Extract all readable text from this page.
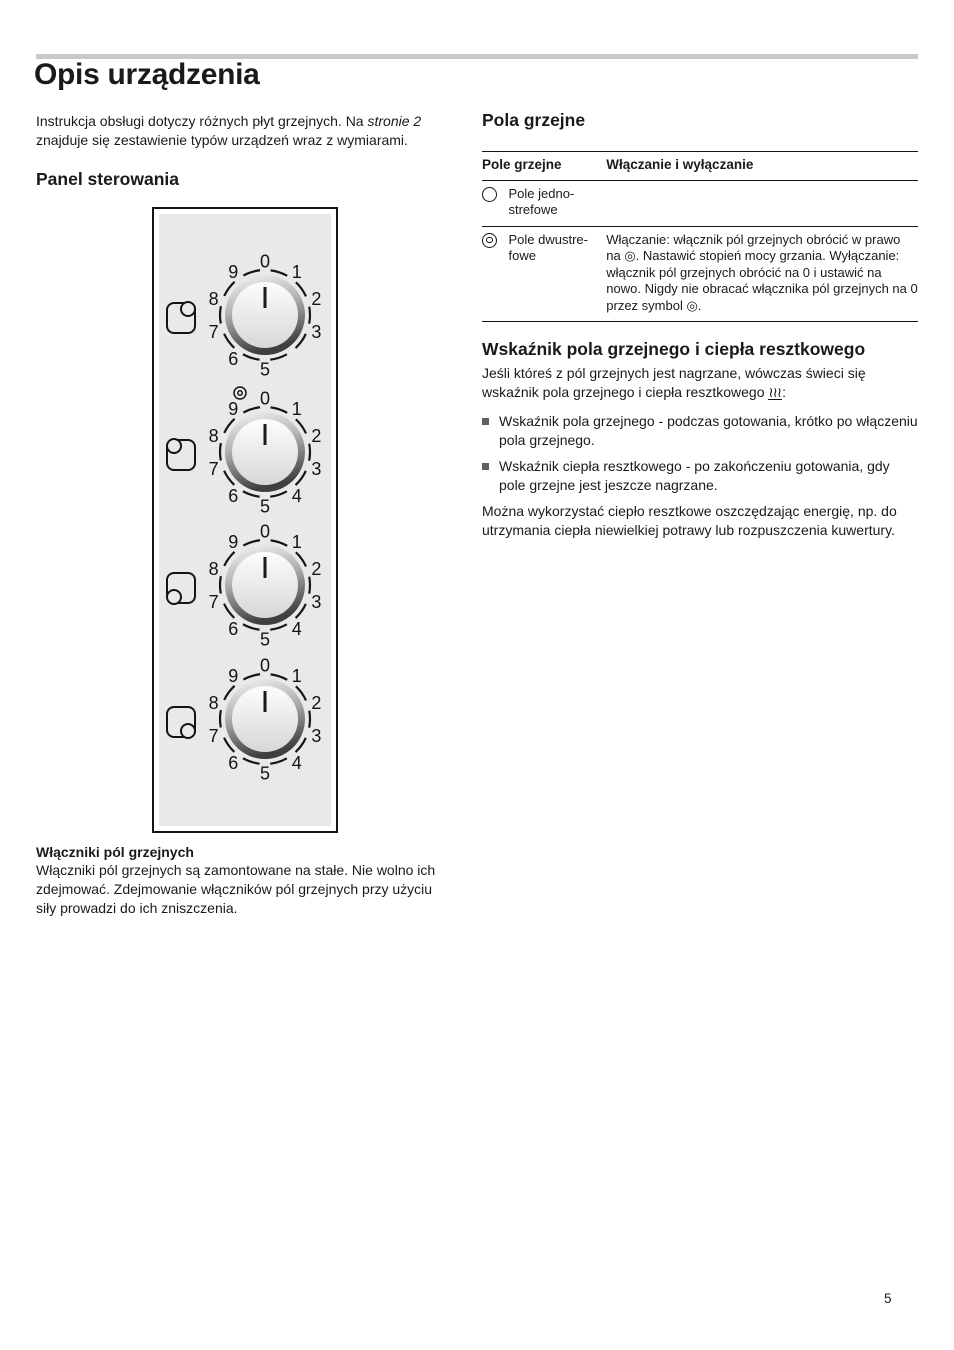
Opis urządzenia

Instrukcja obsługi dotyczy różnych płyt grzejnych. Na stronie 2 znajduje się zestawienie typów urządzeń wraz z wymiarami.

Panel sterowania
0
1
2
3
5
6
7
8
9
0
1
2
3
4
5
6
7
8
9
0
1
2
3
4
5
6
7
8
9
0
1
2
3
4
5
6
7
8
9

Włączniki pól grzejnych

Włączniki pól grzejnych są zamontowane na stałe. Nie wolno ich zdejmować. Zdejmowanie włączników pól grzejnych przy użyciu siły prowadzi do ich zniszczenia.

Pola grzejne
Pole grzejne		Włączanie i wyłączanie

	Pole jedno-strefowe	

	Pole dwustre-fowe	Włączanie: włącznik pól grzejnych obrócić w prawo na ◎. Nastawić stopień mocy grzania. Wyłączanie: włącznik pól grzejnych obrócić na 0 i ustawić na nowo. Nigdy nie obracać włącznika pól grzejnych na 0 przez symbol ◎.
Wskaźnik pola grzejnego i ciepła resztkowego

Jeśli któreś z pól grzejnych jest nagrzane, wówczas świeci się wskaźnik pola grzejnego i ciepła resztkowego ≀≀≀:

Wskaźnik pola grzejnego - podczas gotowania, krótko po włączeniu pola grzejnego.
Wskaźnik ciepła resztkowego - po zakończeniu gotowania, gdy pole grzejne jest jeszcze nagrzane.

Można wykorzystać ciepło resztkowe oszczędzając energię, np. do utrzymania ciepła niewielkiej potrawy lub rozpuszczenia kuwertury.

5
